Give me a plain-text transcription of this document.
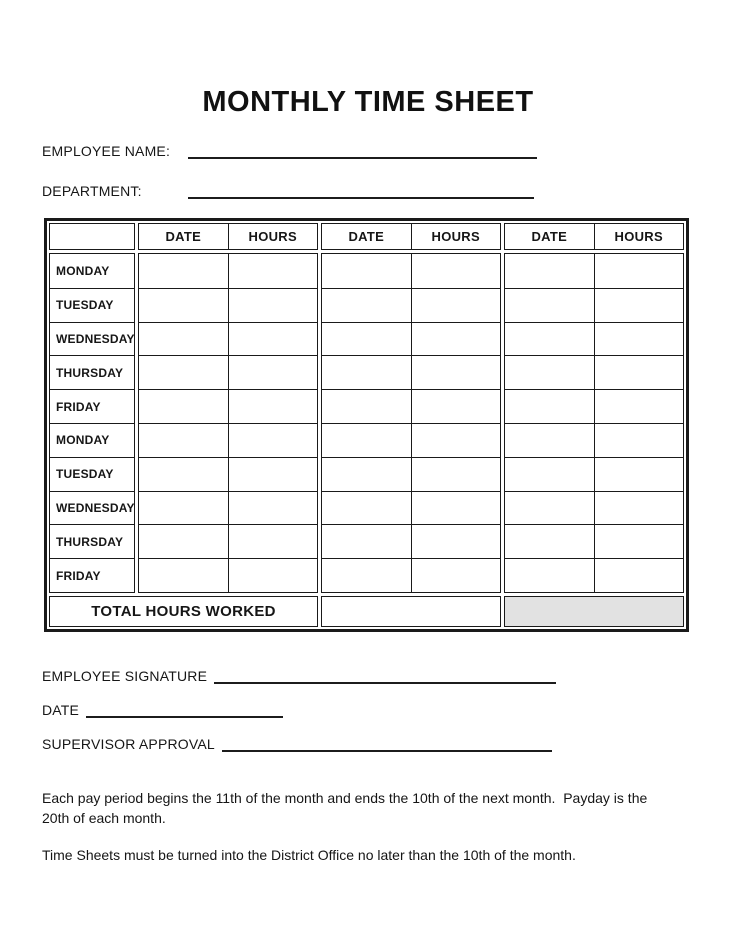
MONTHLY TIME SHEET
EMPLOYEE NAME:
DEPARTMENT:
DATE	HOURS	DATE	HOURS	DATE	HOURS
MONDAY
TUESDAY
WEDNESDAY
THURSDAY
FRIDAY
MONDAY
TUESDAY
WEDNESDAY
THURSDAY
FRIDAY
TOTAL HOURS WORKED
EMPLOYEE SIGNATURE
DATE
SUPERVISOR APPROVAL

Each pay period begins the 11th of the month and ends the 10th of the next month.  Payday is the 20th of each month.

Time Sheets must be turned into the District Office no later than the 10th of the month.
